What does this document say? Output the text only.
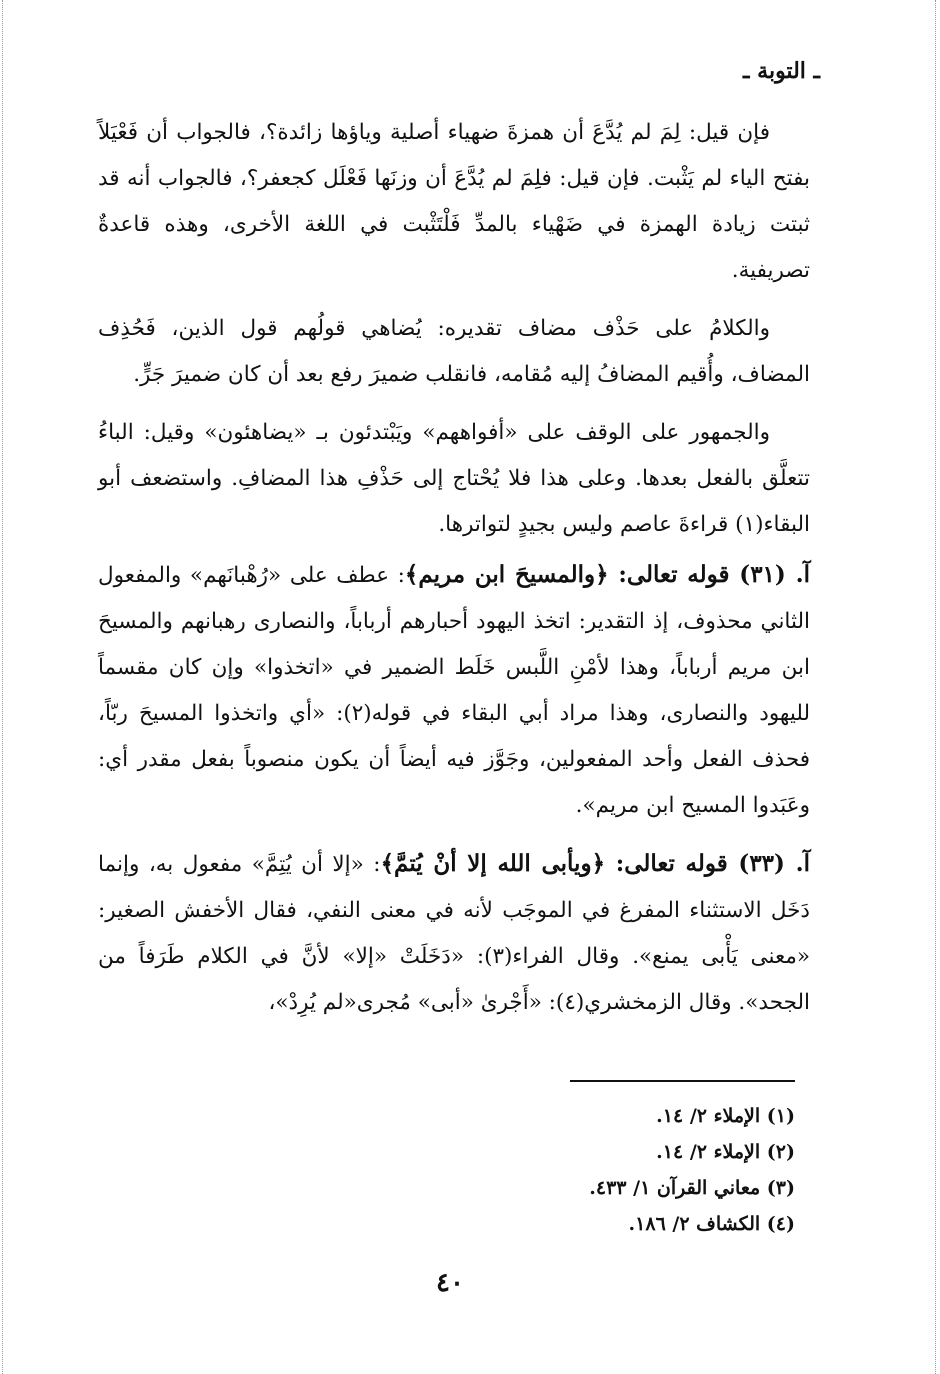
ـ التوبة ـ

فإن قيل: لِمَ لم يُدَّعَ أن همزةَ ضهياء أصلية وياؤها زائدة؟، فالجواب أن فَعْيَلاً بفتح الياء لم يَثْبت. فإن قيل: فلِمَ لم يُدَّعَ أن وزنَها فَعْلَل كجعفر؟، فالجواب أنه قد ثبتت زيادة الهمزة في ضَهْياء بالمدِّ فَلْتَثْبت في اللغة الأخرى، وهذه قاعدةٌ تصريفية.

والكلامُ على حَذْف مضاف تقديره: يُضاهي قولُهم قول الذين، فَحُذِف المضاف، وأُقيم المضافُ إليه مُقامه، فانقلب ضميرَ رفع بعد أن كان ضميرَ جَرٍّ.

والجمهور على الوقف على «أفواههم» ويَبْتدئون بـ «يضاهئون» وقيل: الباءُ تتعلَّق بالفعل بعدها. وعلى هذا فلا يُحْتاج إلى حَذْفِ هذا المضافِ. واستضعف أبو البقاء(١) قراءةَ عاصم وليس بجيدٍ لتواترها.

آ. (٣١) قوله تعالى: ﴿والمسيحَ ابن مريم﴾: عطف على «رُهْبانَهم» والمفعول الثاني محذوف، إذ التقدير: اتخذ اليهود أحبارهم أرباباً، والنصارى رهبانهم والمسيحَ ابن مريم أرباباً، وهذا لأمْنِ اللَّبس خَلَط الضمير في «اتخذوا» وإن كان مقسماً لليهود والنصارى، وهذا مراد أبي البقاء في قوله(٢): «أي واتخذوا المسيحَ ربّاً، فحذف الفعل وأحد المفعولين، وجَوَّز فيه أيضاً أن يكون منصوباً بفعل مقدر أي: وعَبَدوا المسيح ابن مريم».

آ. (٣٣) قوله تعالى: ﴿ويأبى الله إلا أنْ يُتمَّ﴾: «إلا أن يُتِمَّ» مفعول به، وإنما دَخَل الاستثناء المفرغ في الموجَب لأنه في معنى النفي، فقال الأخفش الصغير: «معنى يَأْبى يمنع». وقال الفراء(٣): «دَخَلَتْ «إلا» لأنَّ في الكلام طَرَفاً من الجحد». وقال الزمخشري(٤): «أَجْرىٰ «أبى» مُجرى«لم يُرِدْ»،

(١) الإملاء ٢/ ١٤.
(٢) الإملاء ٢/ ١٤.
(٣) معاني القرآن ١/ ٤٣٣.
(٤) الكشاف ٢/ ١٨٦.
٤٠
